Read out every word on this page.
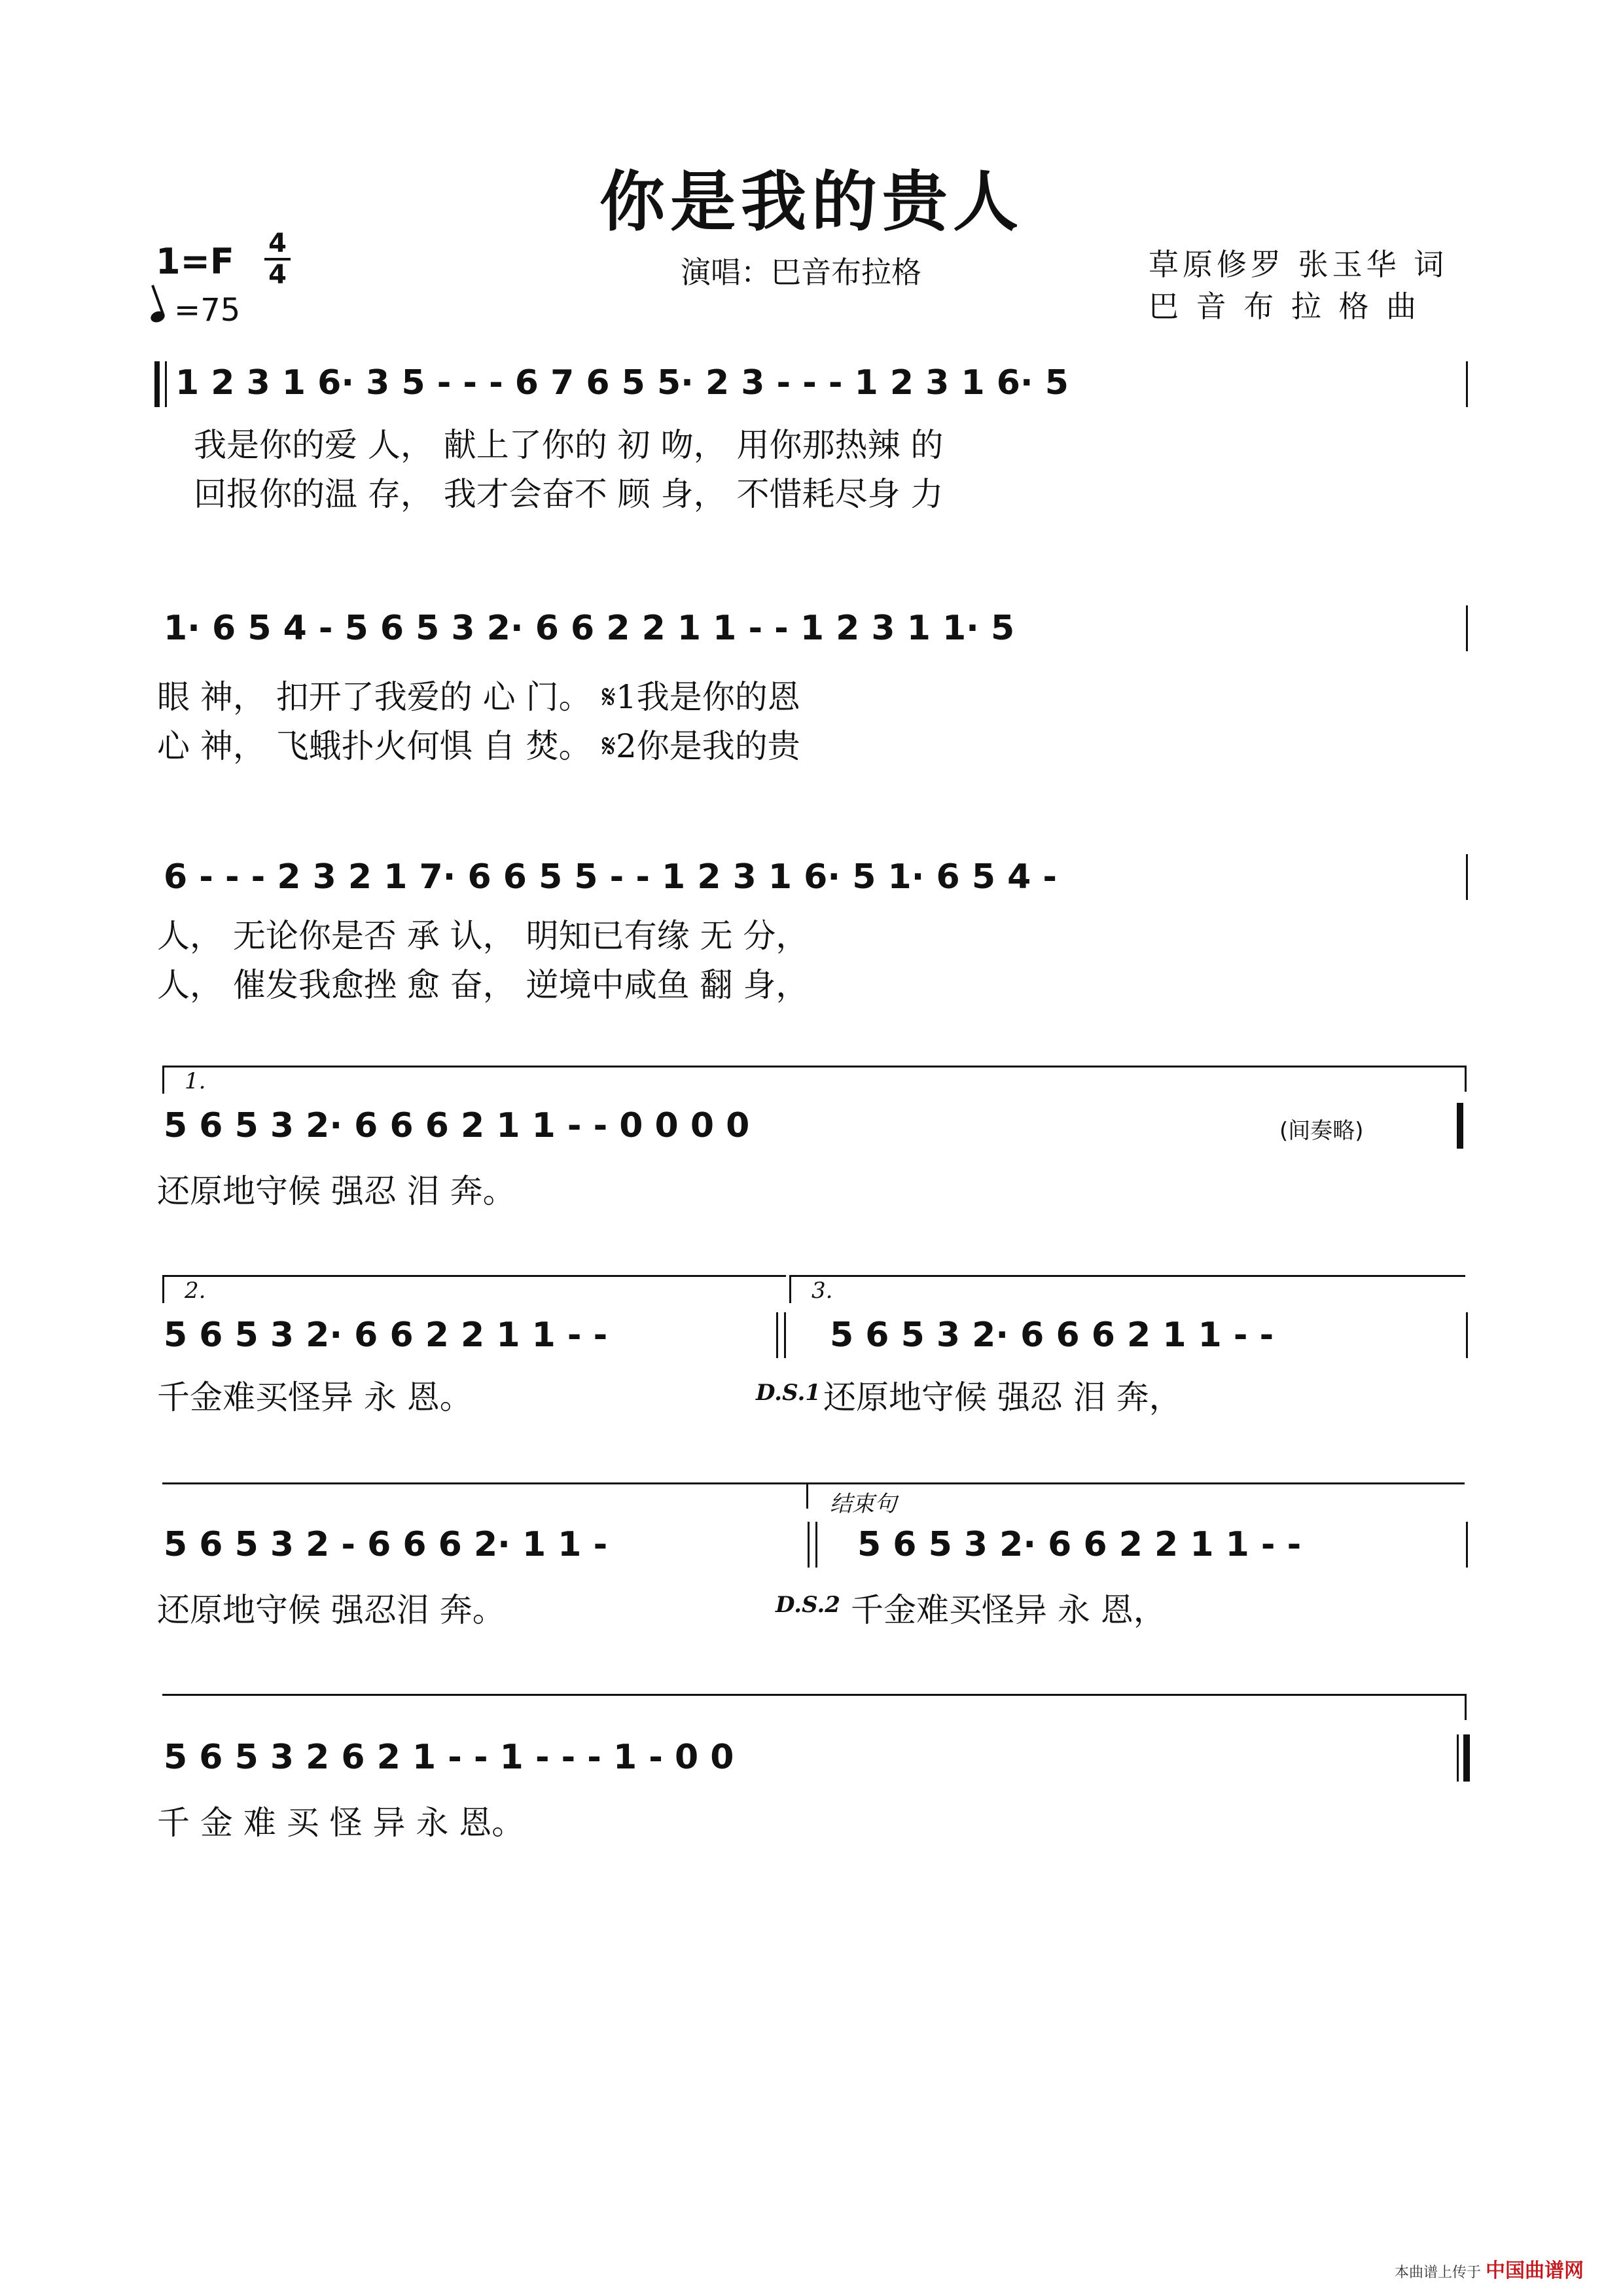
你是我的贵人
1=F 4
4
=75
演唱：巴音布拉格	草原修罗 张玉华 词
巴 音 布 拉 格 曲
1 2 3 1 6· 3 5 - - - 6 7 6 5 5· 2 3 - - - 1 2 3 1 6· 5
我是你的爱 人， 献上了你的 初 吻， 用你那热辣 的
回报你的温 存， 我才会奋不 顾 身， 不惜耗尽身 力
1· 6 5 4 - 5 6 5 3 2· 6 6 2 2 1 1 - - 1 2 3 1 1· 5
眼 神， 扣开了我爱的 心 门。 𝄋1我是你的恩
心 神， 飞蛾扑火何惧 自 焚。 𝄋2你是我的贵
6 - - - 2 3 2 1 7· 6 6 5 5 - - 1 2 3 1 6· 5 1· 6 5 4 -
人， 无论你是否 承 认， 明知已有缘 无 分，
人， 催发我愈挫 愈 奋， 逆境中咸鱼 翻 身，
1.
5 6 5 3 2· 6 6 6 2 1 1 - - 0 0 0 0	(间奏略)
还原地守候 强忍 泪 奔。
2.	3.
5 6 5 3 2· 6 6 2 2 1 1 - -	5 6 5 3 2· 6 6 6 2 1 1 - -
千金难买怪异 永 恩。	D.S.1 还原地守候 强忍 泪 奔，
结束句
5 6 5 3 2 - 6 6 6 2· 1 1 -	5 6 5 3 2· 6 6 2 2 1 1 - -
还原地守候 强忍泪 奔。	D.S.2 千金难买怪异 永 恩，
5 6 5 3 2 6 2 1 - - 1 - - - 1 - 0 0
千 金 难 买 怪 异 永 恩。
本曲谱上传于 中国曲谱网
